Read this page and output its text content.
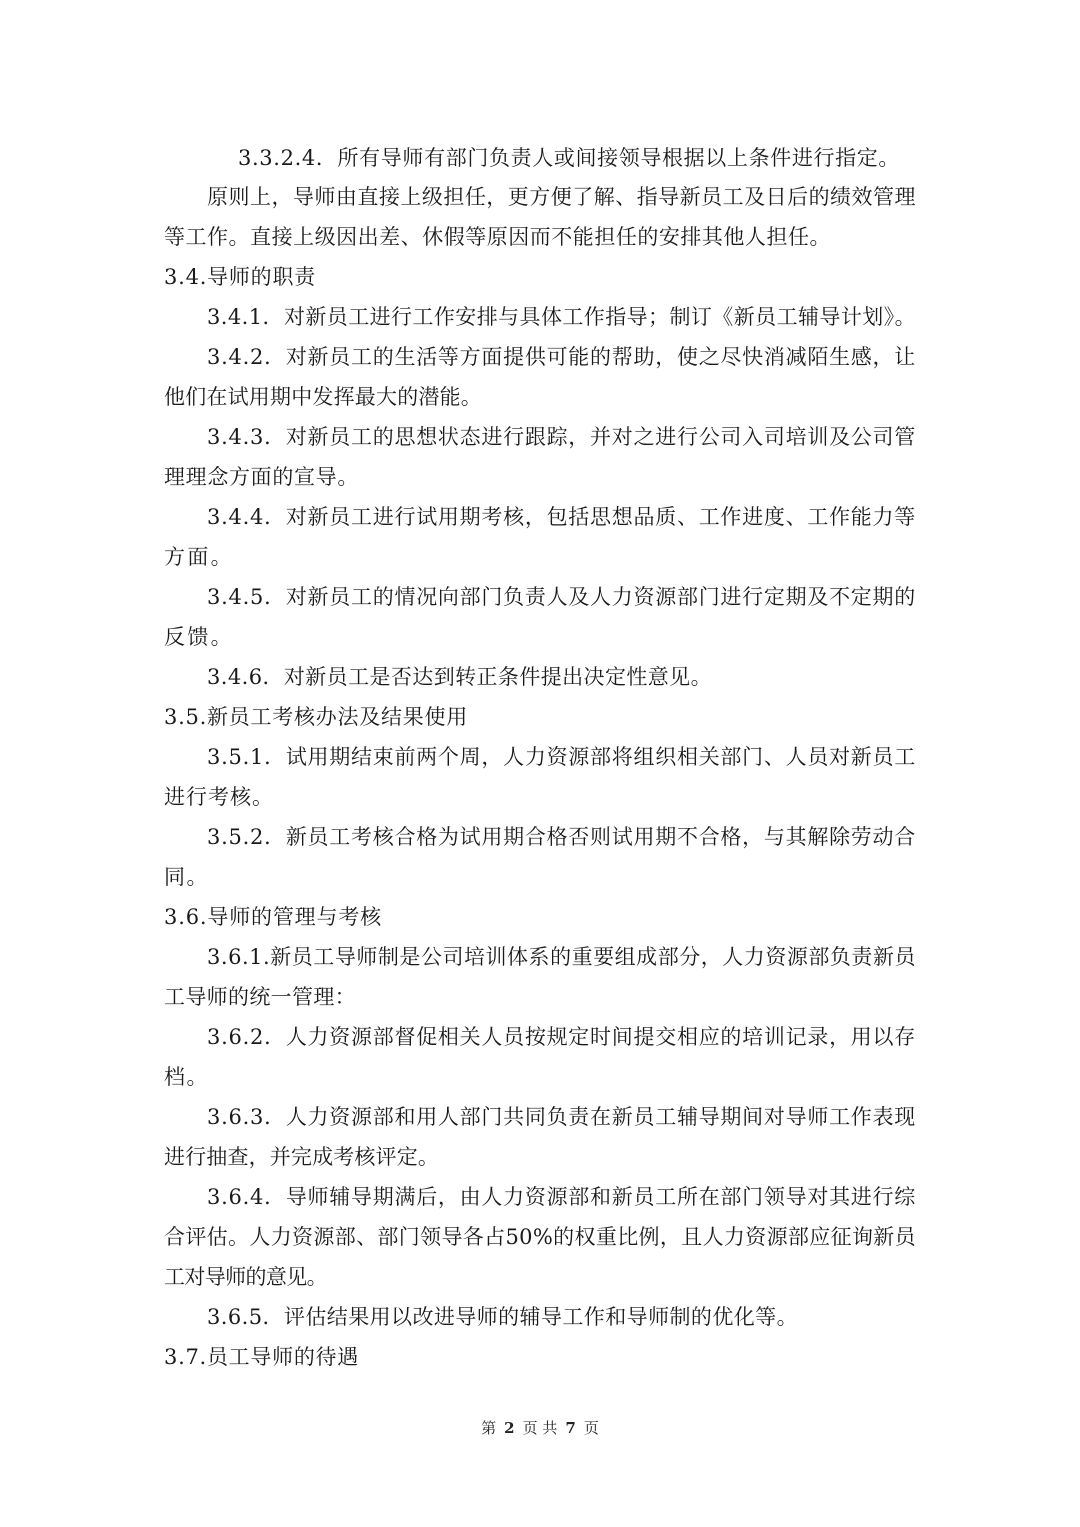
3.3.2.4．所有导师有部门负责人或间接领导根据以上条件进行指定。
原则上，导师由直接上级担任，更方便了解、指导新员工及日后的绩效管理
等工作。直接上级因出差、休假等原因而不能担任的安排其他人担任。
3.4.导师的职责
3.4.1．对新员工进行工作安排与具体工作指导；制订《新员工辅导计划》。
3.4.2．对新员工的生活等方面提供可能的帮助，使之尽快消减陌生感，让
他们在试用期中发挥最大的潜能。
3.4.3．对新员工的思想状态进行跟踪，并对之进行公司入司培训及公司管
理理念方面的宣导。
3.4.4．对新员工进行试用期考核，包括思想品质、工作进度、工作能力等
方面。
3.4.5．对新员工的情况向部门负责人及人力资源部门进行定期及不定期的
反馈。
3.4.6．对新员工是否达到转正条件提出决定性意见。
3.5.新员工考核办法及结果使用
3.5.1．试用期结束前两个周，人力资源部将组织相关部门、人员对新员工
进行考核。
3.5.2．新员工考核合格为试用期合格否则试用期不合格，与其解除劳动合
同。
3.6.导师的管理与考核
3.6.1.新员工导师制是公司培训体系的重要组成部分，人力资源部负责新员
工导师的统一管理：
3.6.2．人力资源部督促相关人员按规定时间提交相应的培训记录，用以存
档。
3.6.3．人力资源部和用人部门共同负责在新员工辅导期间对导师工作表现
进行抽查，并完成考核评定。
3.6.4．导师辅导期满后，由人力资源部和新员工所在部门领导对其进行综
合评估。人力资源部、部门领导各占50%的权重比例，且人力资源部应征询新员
工对导师的意见。
3.6.5．评估结果用以改进导师的辅导工作和导师制的优化等。
3.7.员工导师的待遇
第 2 页 共 7 页
